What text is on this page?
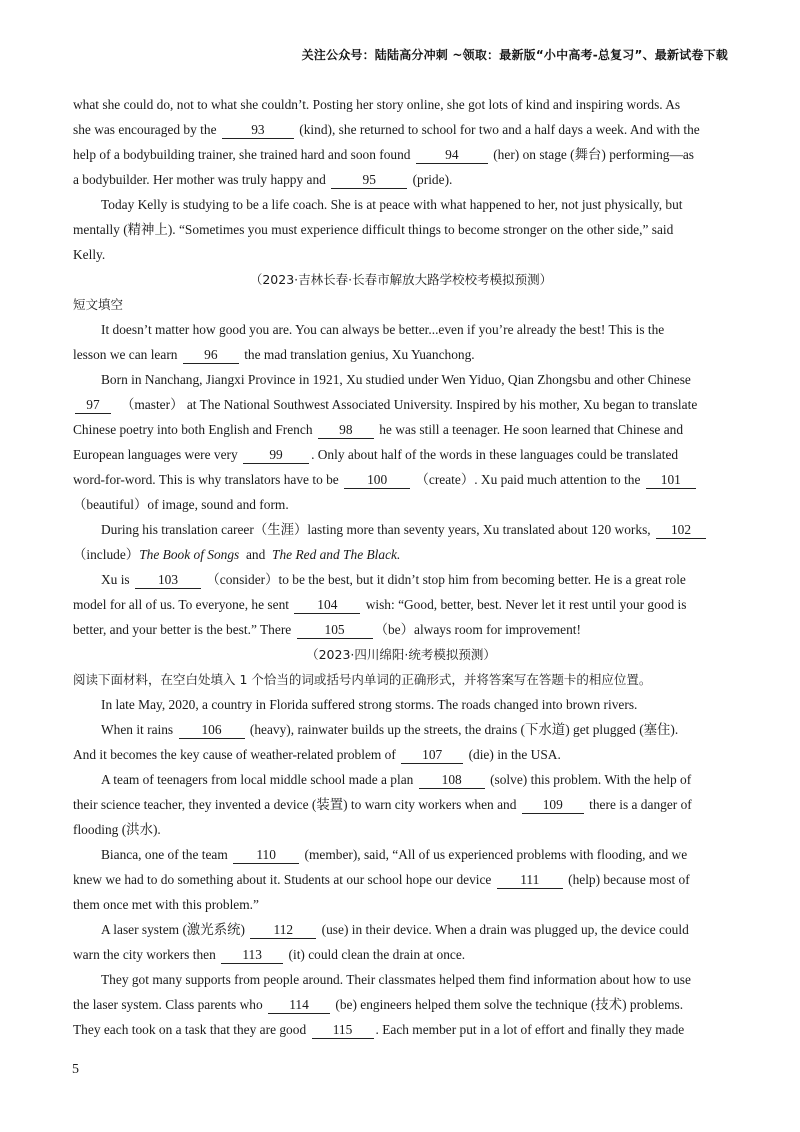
关注公众号：陆陆高分冲刺 ~领取：最新版“小中高考-总复习”、最新试卷下载
what she could do, not to what she couldn’t. Posting her story online, she got lots of kind and inspiring words. As
she was encouraged by the	93	(kind), she returned to school for two and a half days a week. And with the
help of a bodybuilding trainer, she trained hard and soon found	94	(her) on stage (舞台) performing—as
a bodybuilder. Her mother was truly happy and	95	(pride).
Today Kelly is studying to be a life coach. She is at peace with what happened to her, not just physically, but
mentally (精神上). “Sometimes you must experience difficult things to become stronger on the other side,” said
Kelly.
（2023·吉林长春·长春市解放大路学校校考模拟预测）
短文填空
It doesn’t matter how good you are. You can always be better...even if you’re already the best! This is the
lesson we can learn 96 the mad translation genius, Xu Yuanchong.
Born in Nanchang, Jiangxi Province in 1921, Xu studied under Wen Yiduo, Qian Zhongsbu and other Chinese
97 （master） at The National Southwest Associated University. Inspired by his mother, Xu began to translate
Chinese poetry into both English and French 98 he was still a teenager. He soon learned that Chinese and
European languages were very 99 . Only about half of the words in these languages could be translated
word-for-word. This is why translators have to be 100 （create）. Xu paid much attention to the 101
（beautiful）of image, sound and form.
During his translation career（生涯）lasting more than seventy years, Xu translated about 120 works, 102
（include）The Book of Songs and The Red and The Black.
Xu is 103 （consider）to be the best, but it didn’t stop him from becoming better. He is a great role
model for all of us. To everyone, he sent 104 wish: “Good, better, best. Never let it rest until your good is
better, and your better is the best.” There 105 （be）always room for improvement!
（2023·四川绵阳·统考模拟预测）
阅读下面材料，在空白处填入 1 个恰当的词或括号内单词的正确形式，并将答案写在答题卡的相应位置。
In late May, 2020, a country in Florida suffered strong storms. The roads changed into brown rivers.
When it rains 106 (heavy), rainwater builds up the streets, the drains (下水道) get plugged (塞住).
And it becomes the key cause of weather-related problem of 107 (die) in the USA.
A team of teenagers from local middle school made a plan 108 (solve) this problem. With the help of
their science teacher, they invented a device (装置) to warn city workers when and 109 there is a danger of
flooding (洪水).
Bianca, one of the team 110 (member), said, “All of us experienced problems with flooding, and we
knew we had to do something about it. Students at our school hope our device 111 (help) because most of
them once met with this problem.”
A laser system (激光系统) 112 (use) in their device. When a drain was plugged up, the device could
warn the city workers then 113 (it) could clean the drain at once.
They got many supports from people around. Their classmates helped them find information about how to use
the laser system. Class parents who 114 (be) engineers helped them solve the technique (技术) problems.
They each took on a task that they are good 115 . Each member put in a lot of effort and finally they made
5
